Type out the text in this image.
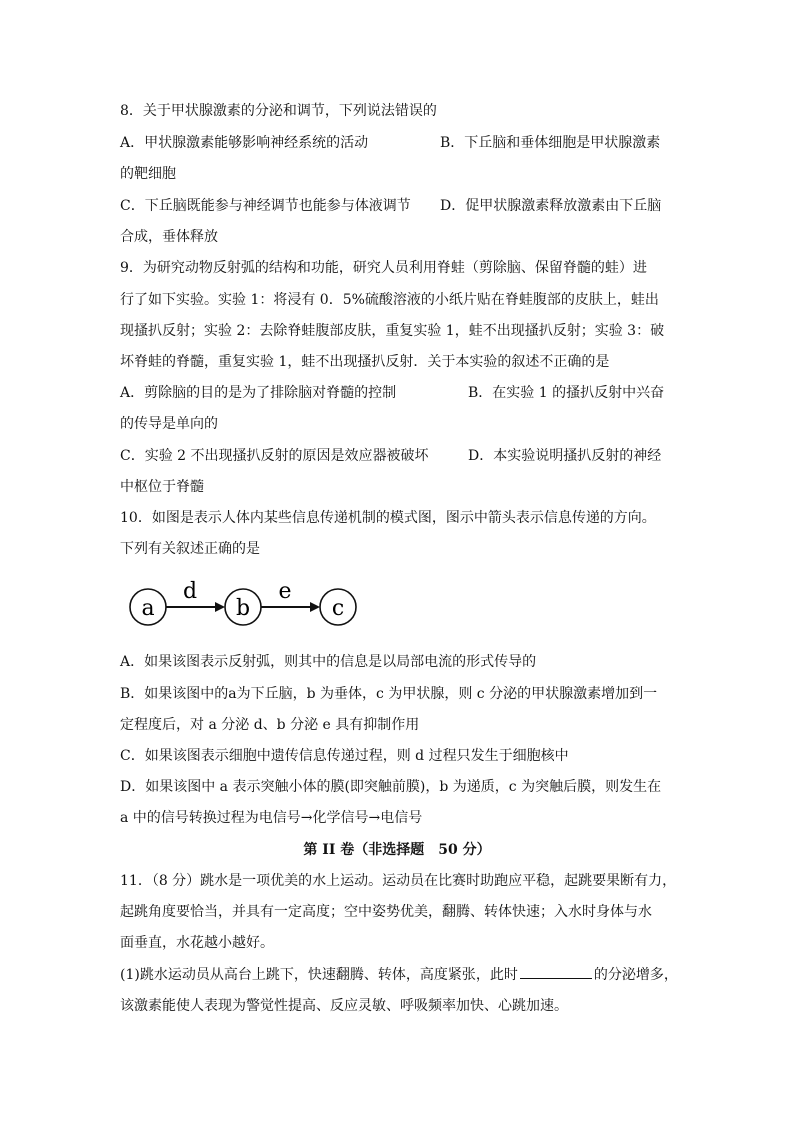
8．关于甲状腺激素的分泌和调节，下列说法错误的
A．甲状腺激素能够影响神经系统的活动	B．下丘脑和垂体细胞是甲状腺激素
的靶细胞
C．下丘脑既能参与神经调节也能参与体液调节 D．促甲状腺激素释放激素由下丘脑
合成，垂体释放
9．为研究动物反射弧的结构和功能，研究人员利用脊蛙（剪除脑、保留脊髓的蛙）进
行了如下实验。实验 1：将浸有 0．5%硫酸溶液的小纸片贴在脊蛙腹部的皮肤上，蛙出
现搔扒反射；实验 2：去除脊蛙腹部皮肤，重复实验 1，蛙不出现搔扒反射；实验 3：破
坏脊蛙的脊髓，重复实验 1，蛙不出现搔扒反射．关于本实验的叙述不正确的是
A．剪除脑的目的是为了排除脑对脊髓的控制	B．在实验 1 的搔扒反射中兴奋
的传导是单向的
C．实验 2 不出现搔扒反射的原因是效应器被破坏	D．本实验说明搔扒反射的神经
中枢位于脊髓
10．如图是表示人体内某些信息传递机制的模式图，图示中箭头表示信息传递的方向。
下列有关叙述正确的是
a
d
b
e
c
A．如果该图表示反射弧，则其中的信息是以局部电流的形式传导的
B．如果该图中的a为下丘脑，b 为垂体，c 为甲状腺，则 c 分泌的甲状腺激素增加到一
定程度后，对 a 分泌 d、b 分泌 e 具有抑制作用
C．如果该图表示细胞中遗传信息传递过程，则 d 过程只发生于细胞核中
D．如果该图中 a 表示突触小体的膜(即突触前膜)，b 为递质，c 为突触后膜，则发生在
a 中的信号转换过程为电信号→化学信号→电信号
第 II 卷（非选择题　50 分）
11．（8 分）跳水是一项优美的水上运动。运动员在比赛时助跑应平稳，起跳要果断有力，
起跳角度要恰当，并具有一定高度；空中姿势优美，翻腾、转体快速；入水时身体与水
面垂直，水花越小越好。
(1)跳水运动员从高台上跳下，快速翻腾、转体，高度紧张，此时	的分泌增多，
该激素能使人表现为警觉性提高、反应灵敏、呼吸频率加快、心跳加速。
